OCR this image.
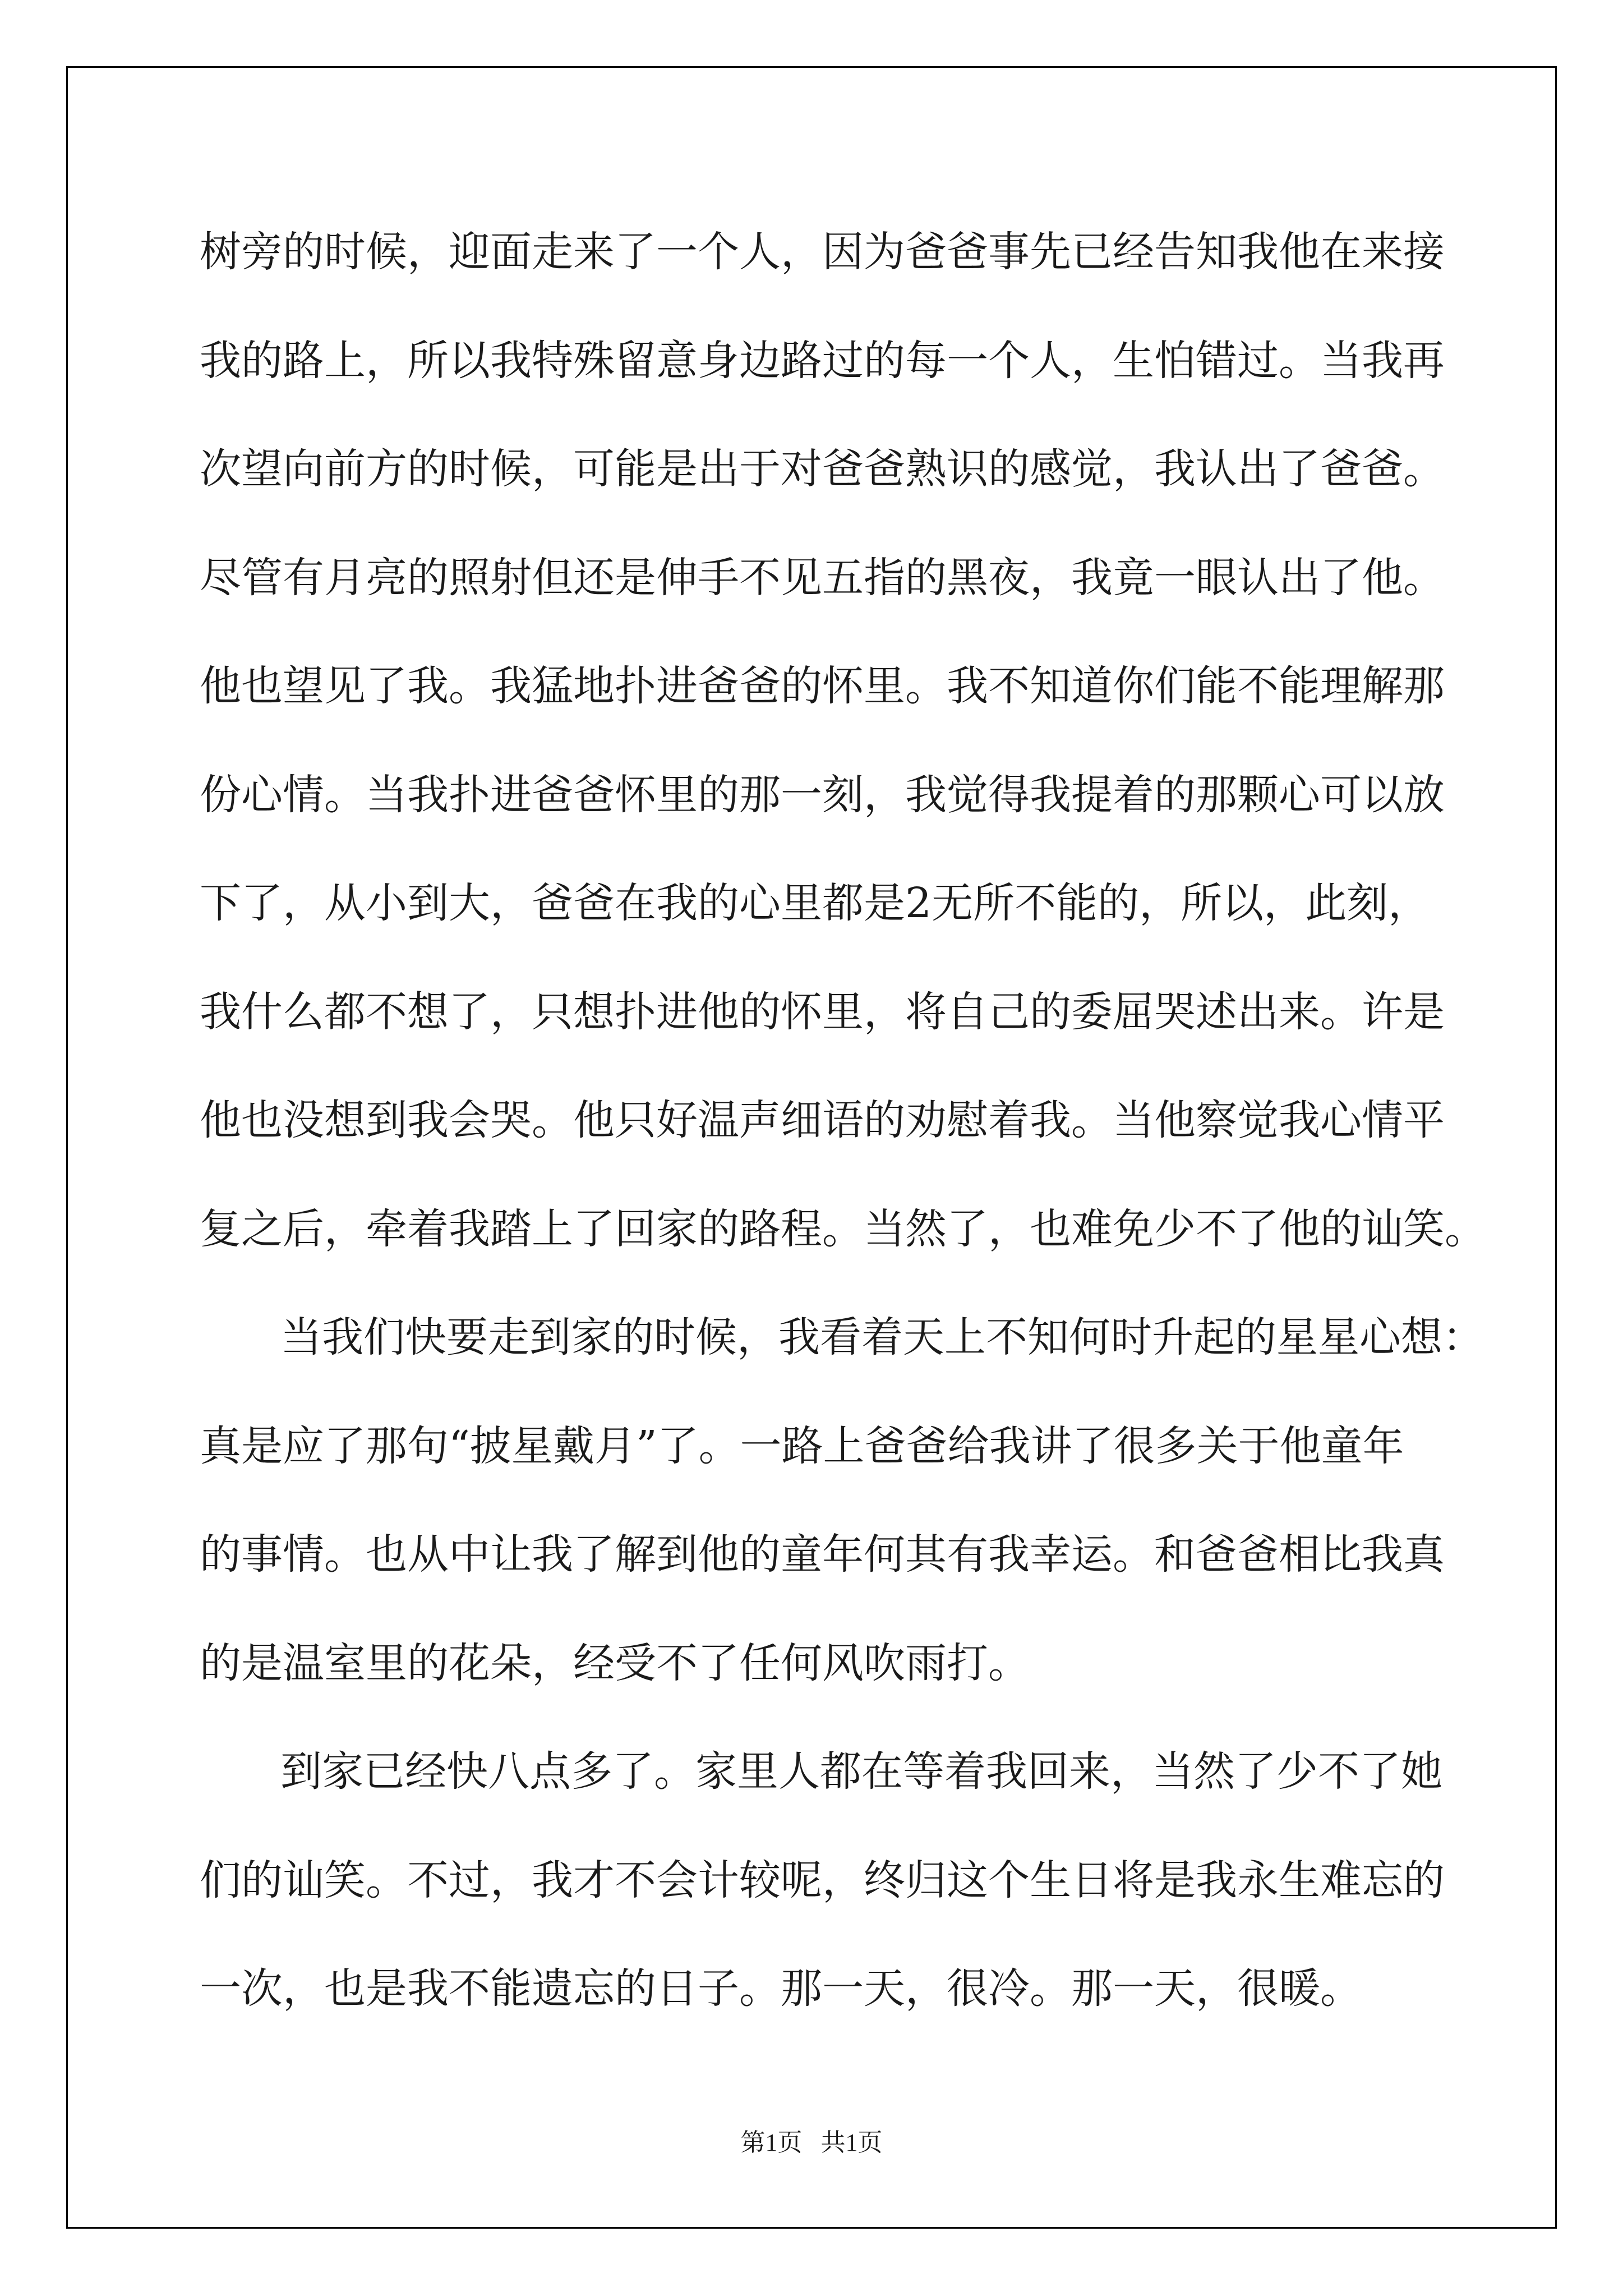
树旁的时候，迎面走来了一个人，因为爸爸事先已经告知我他在来接

我的路上，所以我特殊留意身边路过的每一个人，生怕错过。当我再

次望向前方的时候，可能是出于对爸爸熟识的感觉，我认出了爸爸。

尽管有月亮的照射但还是伸手不见五指的黑夜，我竟一眼认出了他。

他也望见了我。我猛地扑进爸爸的怀里。我不知道你们能不能理解那

份心情。当我扑进爸爸怀里的那一刻，我觉得我提着的那颗心可以放

下了，从小到大，爸爸在我的心里都是2无所不能的，所以，此刻，

我什么都不想了，只想扑进他的怀里，将自己的委屈哭述出来。许是

他也没想到我会哭。他只好温声细语的劝慰着我。当他察觉我心情平

复之后，牵着我踏上了回家的路程。当然了，也难免少不了他的讪笑。

当我们快要走到家的时候，我看着天上不知何时升起的星星心想：

真是应了那句“披星戴月”了。一路上爸爸给我讲了很多关于他童年

的事情。也从中让我了解到他的童年何其有我幸运。和爸爸相比我真

的是温室里的花朵，经受不了任何风吹雨打。

到家已经快八点多了。家里人都在等着我回来，当然了少不了她

们的讪笑。不过，我才不会计较呢，终归这个生日将是我永生难忘的

一次，也是我不能遗忘的日子。那一天，很冷。那一天，很暖。

第1页   共1页
